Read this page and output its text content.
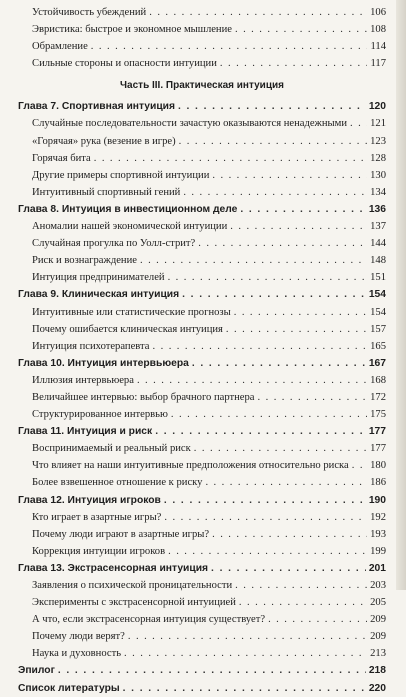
Устойчивость убеждений . . .	106
Эвристика: быстрое и экономное мышление . . .	108
Обрамление . . .	114
Сильные стороны и опасности интуиции . . .	117
Часть III. Практическая интуиция
Глава 7. Спортивная интуиция . . .	120
Случайные последовательности зачастую оказываются ненадежными . . . 121
«Горячая» рука (везение в игре) . . .	123
Горячая бита . . .	128
Другие примеры спортивной интуиции . . .	130
Интуитивный спортивный гений . . .	134
Глава 8. Интуиция в инвестиционном деле . . .	136
Аномалии нашей экономической интуиции . . .	137
Случайная прогулка по Уолл-стрит? . . .	144
Риск и вознаграждение . . .	148
Интуиция предпринимателей . . .	151
Глава 9. Клиническая интуиция . . .	154
Интуитивные или статистические прогнозы . . .	154
Почему ошибается клиническая интуиция . . .	157
Интуиция психотерапевта . . .	165
Глава 10. Интуиция интервьюера . . .	167
Иллюзия интервьюера . . .	168
Величайшее интервью: выбор брачного партнера . . .	172
Структурированное интервью . . .	175
Глава 11. Интуиция и риск . . .	177
Воспринимаемый и реальный риск . . .	177
Что влияет на наши интуитивные предположения относительно риска . . . 180
Более взвешенное отношение к риску . . .	186
Глава 12. Интуиция игроков . . .	190
Кто играет в азартные игры? . . .	192
Почему люди играют в азартные игры? . . .	193
Коррекция интуиции игроков . . .	199
Глава 13. Экстрасенсорная интуиция . . .	201
Заявления о психической проницательности . . .	203
Эксперименты с экстрасенсорной интуицией . . .	205
А что, если экстрасенсорная интуиция существует? . . .	209
Почему люди верят? . . .	209
Наука и духовность . . .	213
Эпилог . . .	218
Список литературы . . .	220
